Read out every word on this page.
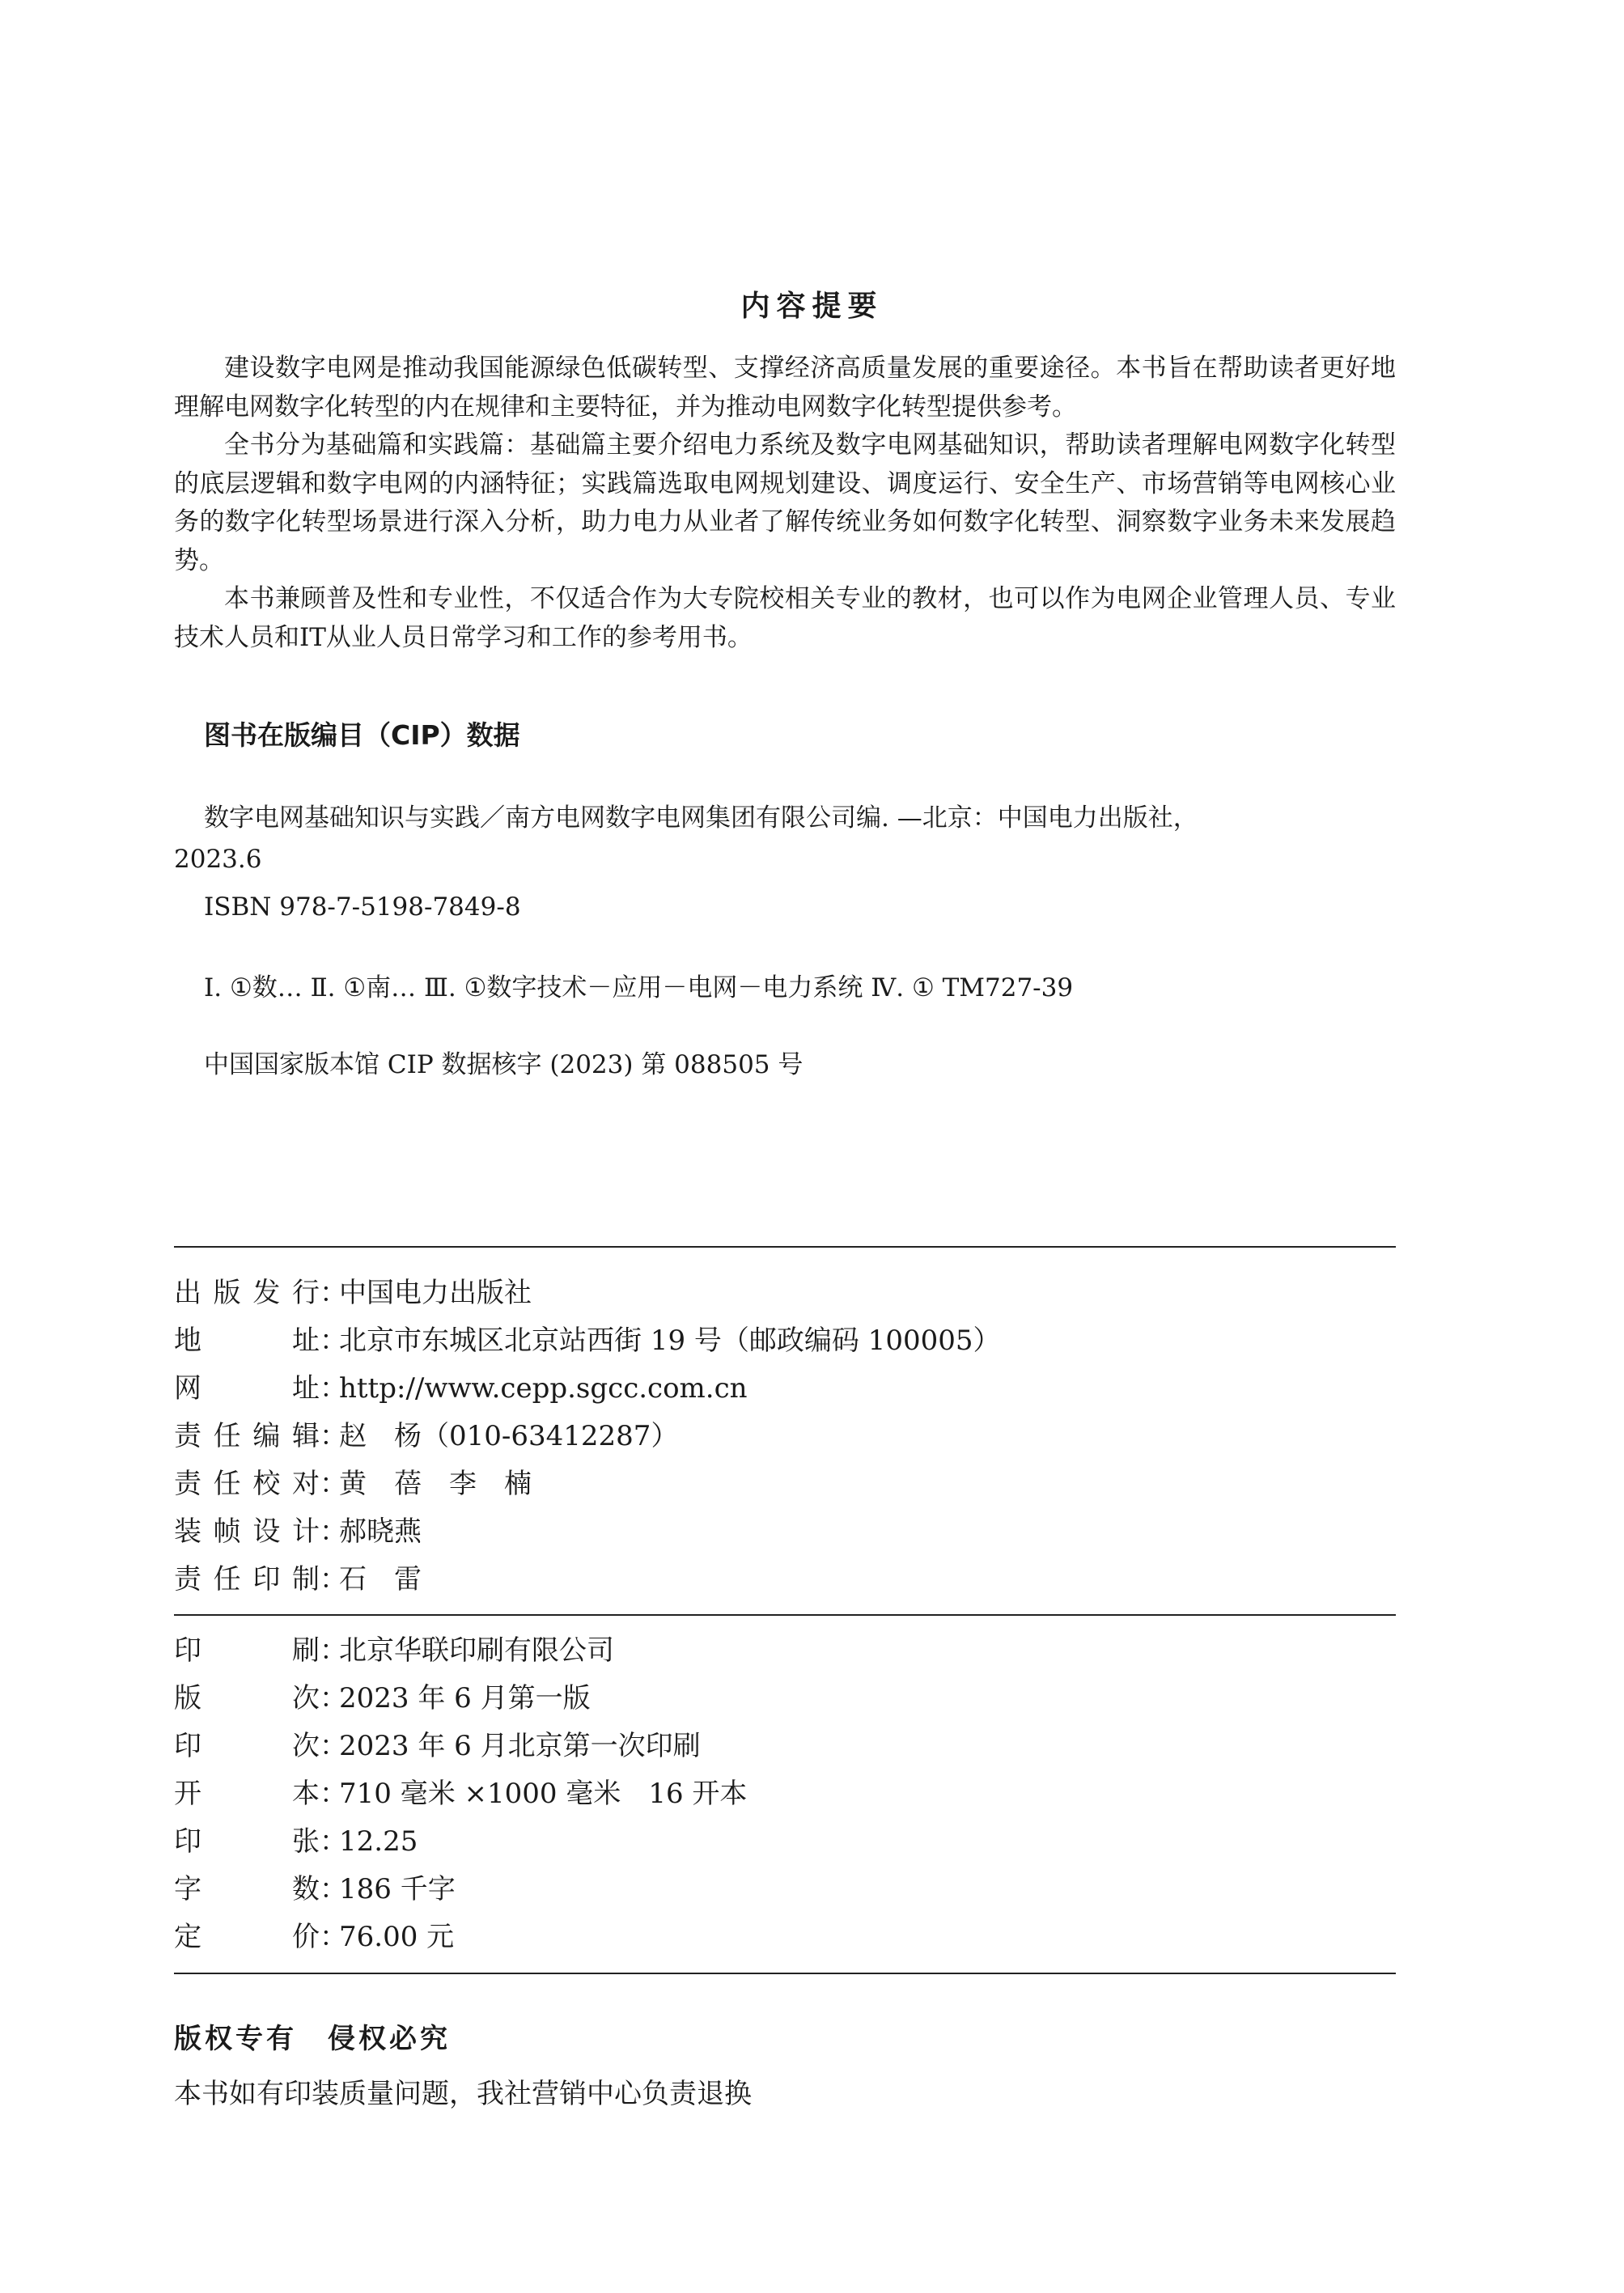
内容提要

建设数字电网是推动我国能源绿色低碳转型、支撑经济高质量发展的重要途径。本书旨在帮助读者更好地理解电网数字化转型的内在规律和主要特征，并为推动电网数字化转型提供参考。

全书分为基础篇和实践篇：基础篇主要介绍电力系统及数字电网基础知识，帮助读者理解电网数字化转型的底层逻辑和数字电网的内涵特征；实践篇选取电网规划建设、调度运行、安全生产、市场营销等电网核心业务的数字化转型场景进行深入分析，助力电力从业者了解传统业务如何数字化转型、洞察数字业务未来发展趋势。

本书兼顾普及性和专业性，不仅适合作为大专院校相关专业的教材，也可以作为电网企业管理人员、专业技术人员和IT从业人员日常学习和工作的参考用书。

图书在版编目（CIP）数据
数字电网基础知识与实践／南方电网数字电网集团有限公司编. —北京：中国电力出版社，
2023.6
ISBN 978-7-5198-7849-8
Ⅰ. ①数… Ⅱ. ①南… Ⅲ. ①数字技术－应用－电网－电力系统 Ⅳ. ① TM727-39
中国国家版本馆 CIP 数据核字 (2023) 第 088505 号
出版发行 ：
中国电力出版社
地址 ：
北京市东城区北京站西街 19 号（邮政编码 100005）
网址 ：
http://www.cepp.sgcc.com.cn
责任编辑 ：
赵　杨（010-63412287）
责任校对 ：
黄　蓓　李　楠
装帧设计 ：
郝晓燕
责任印制 ：
石　雷
印刷 ：
北京华联印刷有限公司
版次 ：
2023 年 6 月第一版
印次 ：
2023 年 6 月北京第一次印刷
开本 ：
710 毫米 ×1000 毫米　16 开本
印张 ：
12.25
字数 ：
186 千字
定价 ：
76.00 元
版权专有　侵权必究
本书如有印装质量问题，我社营销中心负责退换
